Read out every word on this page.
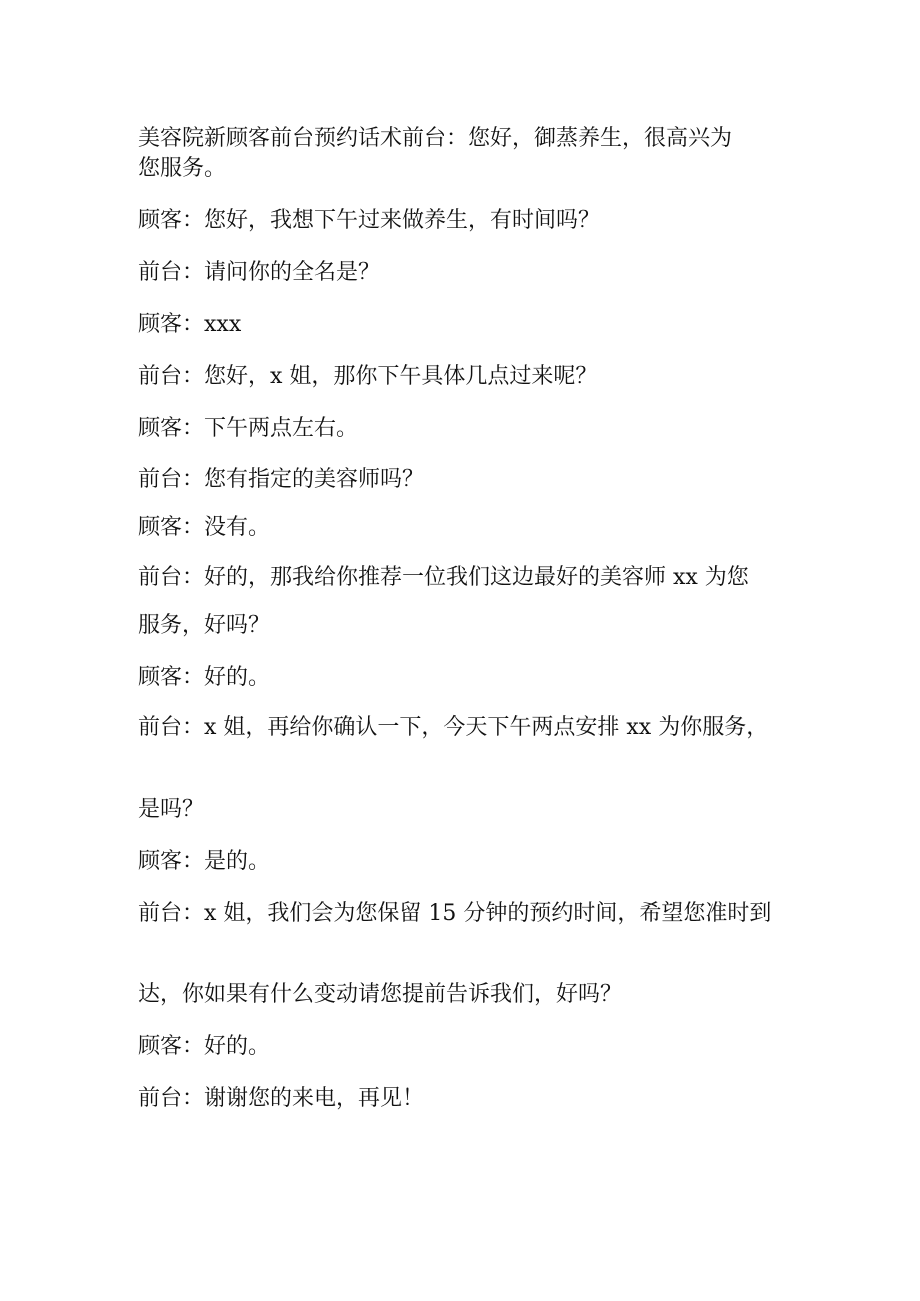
美容院新顾客前台预约话术前台：您好，御蒸养生，很高兴为
您服务。

顾客：您好，我想下午过来做养生，有时间吗？

前台：请问你的全名是？

顾客：xxx

前台：您好，x 姐，那你下午具体几点过来呢？

顾客：下午两点左右。

前台：您有指定的美容师吗？

顾客：没有。

前台：好的，那我给你推荐一位我们这边最好的美容师 xx 为您

服务，好吗？

顾客：好的。

前台：x 姐，再给你确认一下，今天下午两点安排 xx 为你服务，

是吗？

顾客：是的。

前台：x 姐，我们会为您保留 15 分钟的预约时间，希望您准时到

达，你如果有什么变动请您提前告诉我们，好吗？

顾客：好的。

前台：谢谢您的来电，再见！
